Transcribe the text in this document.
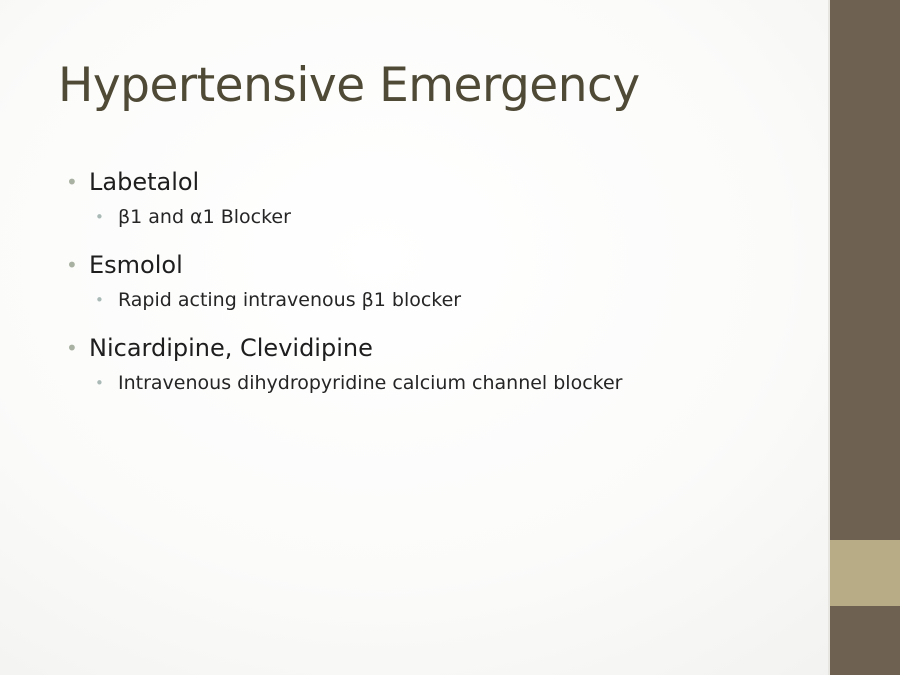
Hypertensive Emergency
• Labetalol
• β1 and α1 Blocker
• Esmolol
• Rapid acting intravenous β1 blocker
• Nicardipine, Clevidipine
• Intravenous dihydropyridine calcium channel blocker
